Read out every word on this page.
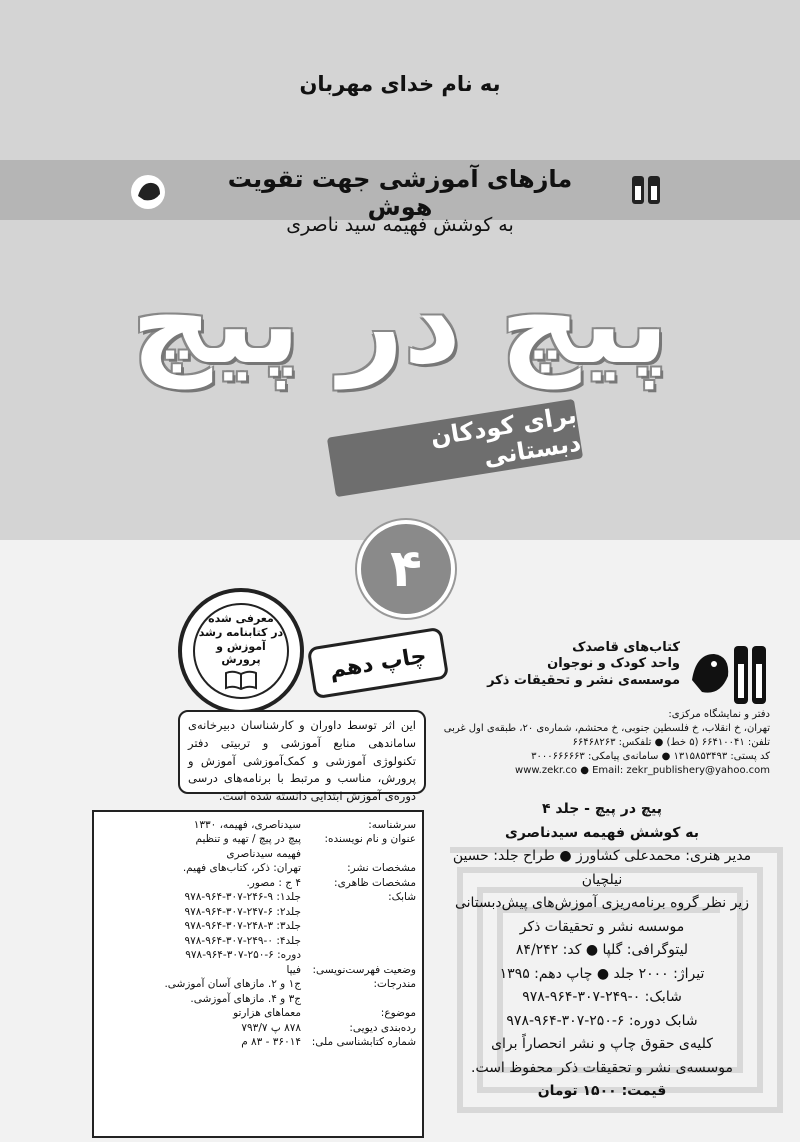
به نام خدای مهربان
مازهای آموزشی جهت تقویت هوش
به کوشش فهیمه سید ناصری
پیچ در پیچ
برای کودکان دبستانی
۴
معرفی شده
در کتابنامه رشد
آموزش و پرورش	چاپ دهم	کتاب‌های قاصدک
واحد کودک و نوجوان
موسسه‌ی نشر و تحقیقات ذکر
دفتر و نمایشگاه مرکزی:
تهران، خ انقلاب، خ فلسطین جنوبی، خ محتشم، شماره‌ی ۲۰، طبقه‌ی اول غربی
تلفن: ۶۶۴۱۰۰۴۱ (۵ خط) ● تلفکس: ۶۶۴۶۸۲۶۳
کد پستی: ۱۳۱۵۸۵۳۴۹۳ ● سامانه‌ی پیامکی: ۳۰۰۰۶۶۶۶۶۳
www.zekr.co ● Email: zekr_publishery@yahoo.com
این اثر توسط داوران و کارشناسان دبیرخانه‌ی ساماندهی منابع آموزشی و تربیتی دفتر تکنولوژی آموزشی و کمک‌آموزشی آموزش و پرورش، مناسب و مرتبط با برنامه‌های درسی دوره‌ی آموزش ابتدایی دانسته شده است.
سرشناسه:
سیدناصری، فهیمه، ۱۳۳۰
عنوان و نام نویسنده:
پیچ در پیچ / تهیه و تنظیم
فهیمه سیدناصری
مشخصات نشر:
تهران: ذکر، کتاب‌های فهیم.
مشخصات ظاهری:
۴ ج : مصور.
شابک:
جلد۱: ۹-۲۴۶-۳۰۷-۹۶۴-۹۷۸
جلد۲: ۶-۲۴۷-۳۰۷-۹۶۴-۹۷۸
جلد۳: ۳-۲۴۸-۳۰۷-۹۶۴-۹۷۸
جلد۴: ۰-۲۴۹-۳۰۷-۹۶۴-۹۷۸
دوره: ۶-۲۵۰-۳۰۷-۹۶۴-۹۷۸
وضعیت فهرست‌نویسی:
فیپا
مندرجات:
ج۱ و ۲. مازهای آسان آموزشی.
ج۳ و ۴. مازهای آموزشی.
موضوع:
معماهای هزارتو
رده‌بندی دیویی:
۸۷۸ پ ۷۹۳/۷
شماره کتابشناسی ملی:
۳۶۰۱۴ - ۸۳ م
پیچ در پیچ - جلد ۴
به کوشش فهیمه سیدناصری
مدیر هنری: محمدعلی کشاورز ● طراح جلد: حسین نیلچیان
زیر نظر گروه برنامه‌ریزی آموزش‌های پیش‌دبستانی
موسسه نشر و تحقیقات ذکر
لیتوگرافی: گلپا ● کد: ۸۴/۲۴۲
تیراژ: ۲۰۰۰ جلد ● چاپ دهم: ۱۳۹۵
شابک: ۰-۲۴۹-۳۰۷-۹۶۴-۹۷۸
شابک دوره: ۶-۲۵۰-۳۰۷-۹۶۴-۹۷۸
کلیه‌ی حقوق چاپ و نشر انحصاراً برای
موسسه‌ی نشر و تحقیقات ذکر محفوظ است.
قیمت: ۱۵۰۰ تومان
